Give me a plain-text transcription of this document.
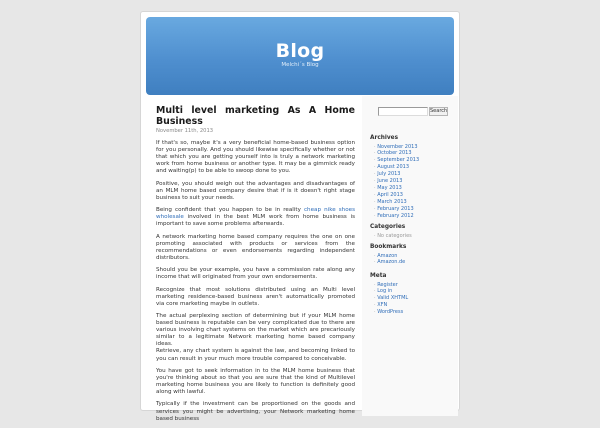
Blog
Melchi´s Blog
Multi level marketing As A Home
Business
November 11th, 2013

If that's so, maybe it's a very beneficial home-based business option for you personally. And you should likewise specifically whether or not that which you are getting yourself into is truly a network marketing work from home business or another type. It may be a gimmick ready and waiting(p) to be able to swoop done to you.

Positive, you should weigh out the advantages and disadvantages of an MLM home based company desire that if is it doesn't right stage business to suit your needs.

Being confident that you happen to be in reality cheap nike shoes wholesale involved in the best MLM work from home business is important to save some problems afterwards.

A network marketing home based company requires the one on one promoting associated with products or services from the recommendations or even endorsements regarding independent distributors.

Should you be your example, you have a commission rate along any income that will originated from your own endorsements.

Recognize that most solutions distributed using an Multi level marketing residence-based business aren't automatically promoted via core marketing maybe in outlets.

The actual perplexing section of determining but if your MLM home based business is reputable can be very complicated due to there are various involving chart systems on the market which are precariously similar to a legitimate Network marketing home based company ideas.

Retrieve, any chart system is against the law, and becoming linked to you can result in your much more trouble compared to conceivable.

You have got to seek information in to the MLM home business that you're thinking about so that you are sure that the kind of Multilevel marketing home business you are likely to function is definitely good along with lawful.

Typically if the investment can be proportioned on the goods and services you might be advertising, your Network marketing home based business

Search
Archives
· November 2013
· October 2013
· September 2013
· August 2013
· July 2013
· June 2013
· May 2013
· April 2013
· March 2013
· February 2013
· February 2012
Categories
· No categories
Bookmarks
· Amazon
· Amazon.de
Meta
· Register
· Log in
· Valid XHTML
· XFN
· WordPress
